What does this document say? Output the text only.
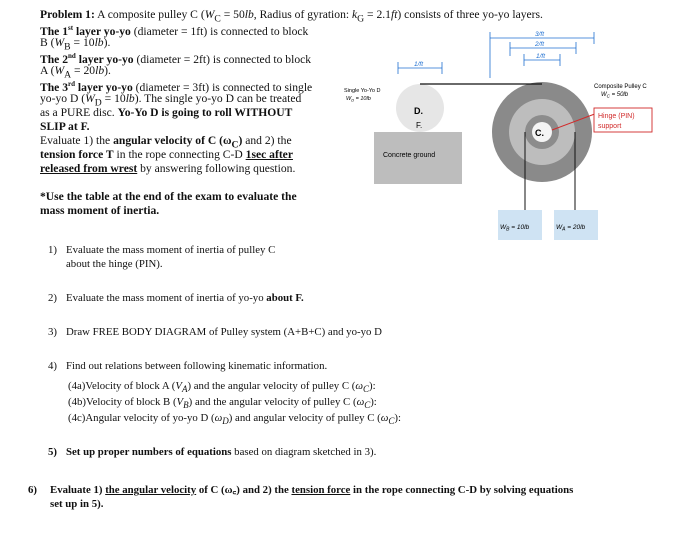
Problem 1: A composite pulley C ($W_C = 50lb$, Radius of gyration: $k_G = 2.1ft$) consists of three yo-yo layers.
The 1st layer yo-yo (diameter = 1ft) is connected to block
B $(W_B = 10lb)$.
The 2nd layer yo-yo (diameter = 2ft) is connected to block
A $(W_A = 20lb)$.
The 3rd layer yo-yo (diameter = 3ft) is connected to single
yo-yo D $(W_D = 10lb)$. The single yo-yo D can be treated
as a PURE disc. Yo-Yo D is going to roll WITHOUT
SLIP at F.
Evaluate 1) the angular velocity of C $(\omega_C)$ and 2) the
tension force T in the rope connecting C-D 1sec after
released from wrest by answering following question.
*Use the table at the end of the exam to evaluate the
mass moment of inertia.
1) Evaluate the mass moment of inertia of pulley C
about the hinge (PIN).
2) Evaluate the mass moment of inertia of yo-yo about F.
3) Draw FREE BODY DIAGRAM of Pulley system (A+B+C) and yo-yo D
4) Find out relations between following kinematic information.
(4a)Velocity of block A $(V_A)$ and the angular velocity of pulley C $(\omega_C)$:
(4b)Velocity of block B $(V_B)$ and the angular velocity of pulley C $(\omega_C)$:
(4c)Angular velocity of yo-yo D $(\omega_D)$ and angular velocity of pulley C $(\omega_C)$:
5) Set up proper numbers of equations based on diagram sketched in 3).
6) Evaluate 1) the angular velocity of C (ω꜀) and 2) the tension force in the rope connecting C-D by solving equations
set up in 5).
3/ft
2/ft
1/ft
1/ft
C.
Concrete ground
D.
F.
Hinge (PIN)
support
Composite Pulley C
$W_C = 50lb$
Single Yo-Yo D
$W_D = 10lb$
$W_B = 10lb$	$W_A = 20lb$
